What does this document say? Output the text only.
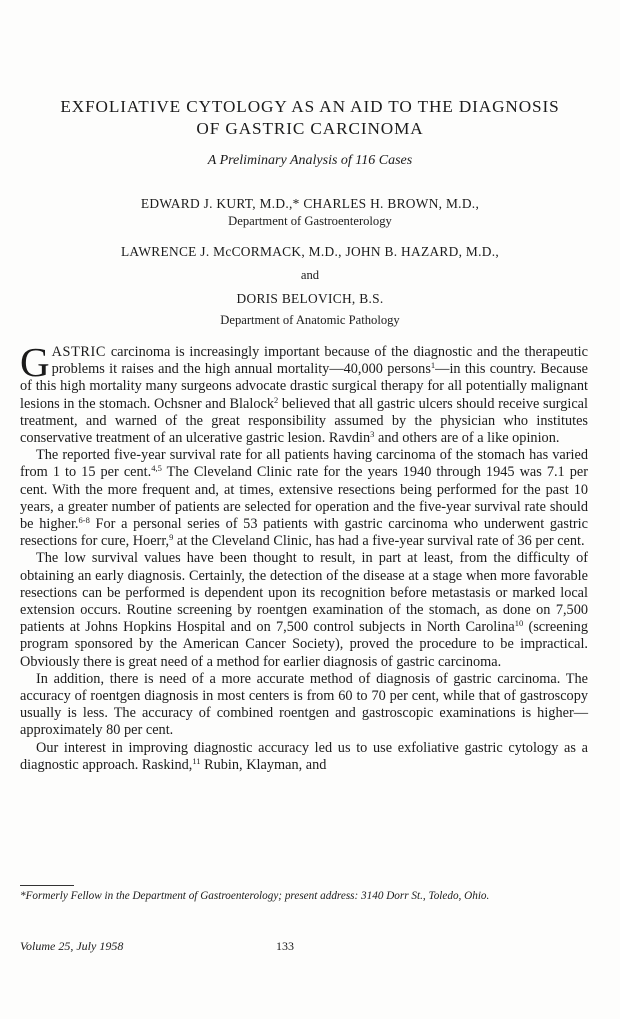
EXFOLIATIVE CYTOLOGY AS AN AID TO THE DIAGNOSIS
OF GASTRIC CARCINOMA
A Preliminary Analysis of 116 Cases
EDWARD J. KURT, M.D.,* CHARLES H. BROWN, M.D.,
Department of Gastroenterology
LAWRENCE J. McCORMACK, M.D., JOHN B. HAZARD, M.D.,
and
DORIS BELOVICH, B.S.
Department of Anatomic Pathology

GASTRIC carcinoma is increasingly important because of the diagnostic and the therapeutic problems it raises and the high annual mortality—40,000 persons$^1$—in this country. Because of this high mortality many surgeons advocate drastic surgical therapy for all potentially malignant lesions in the stomach. Ochsner and Blalock$^2$ believed that all gastric ulcers should receive surgical treatment, and warned of the great responsibility assumed by the physician who institutes conservative treatment of an ulcerative gastric lesion. Ravdin$^3$ and others are of a like opinion.

The reported five-year survival rate for all patients having carcinoma of the stomach has varied from 1 to 15 per cent.$^{4,5}$ The Cleveland Clinic rate for the years 1940 through 1945 was 7.1 per cent. With the more frequent and, at times, extensive resections being performed for the past 10 years, a greater number of patients are selected for operation and the five-year survival rate should be higher.$^{6-8}$ For a personal series of 53 patients with gastric carcinoma who underwent gastric resections for cure, Hoerr,$^9$ at the Cleveland Clinic, has had a five-year survival rate of 36 per cent.

The low survival values have been thought to result, in part at least, from the difficulty of obtaining an early diagnosis. Certainly, the detection of the disease at a stage when more favorable resections can be performed is dependent upon its recognition before metastasis or marked local extension occurs. Routine screening by roentgen examination of the stomach, as done on 7,500 patients at Johns Hopkins Hospital and on 7,500 control subjects in North Carolina$^{10}$ (screening program sponsored by the American Cancer Society), proved the procedure to be impractical. Obviously there is great need of a method for earlier diagnosis of gastric carcinoma.

In addition, there is need of a more accurate method of diagnosis of gastric carcinoma. The accuracy of roentgen diagnosis in most centers is from 60 to 70 per cent, while that of gastroscopy usually is less. The accuracy of combined roentgen and gastroscopic examinations is higher—approximately 80 per cent.

Our interest in improving diagnostic accuracy led us to use exfoliative gastric cytology as a diagnostic approach. Raskind,$^{11}$ Rubin, Klayman, and

*Formerly Fellow in the Department of Gastroenterology; present address: 3140 Dorr St., Toledo, Ohio.
Volume 25, July 1958	133
